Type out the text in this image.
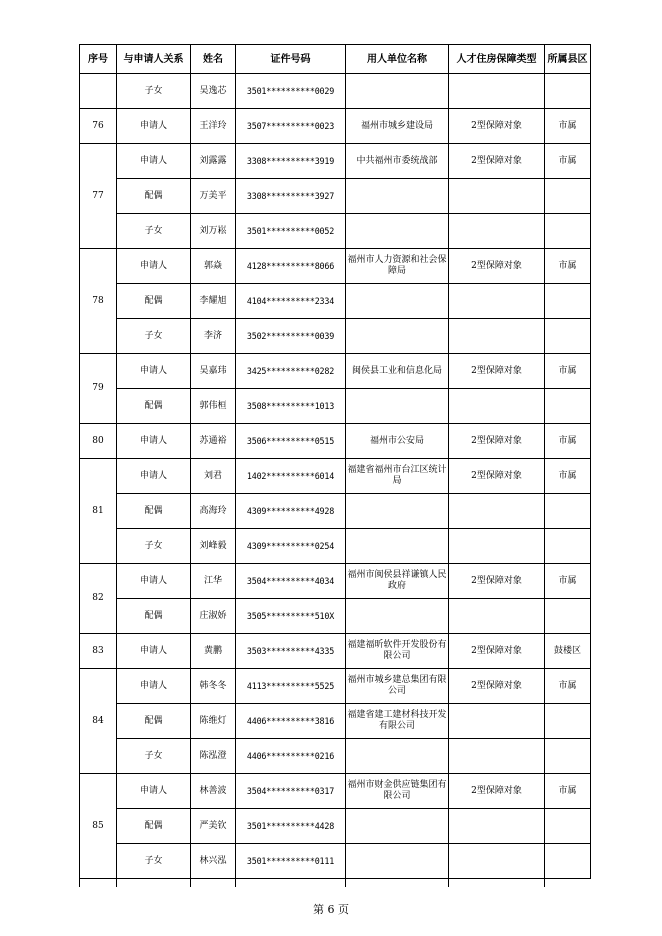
序号	与申请人关系	姓名	证件号码	用人单位名称	人才住房保障类型	所属县区
	子女	吴逸芯	3501**********0029			
76	申请人	王洋玲	3507**********0023	福州市城乡建设局	2型保障对象	市属
77	申请人	刘露露	3308**********3919	中共福州市委统战部	2型保障对象	市属
	配偶	万美平	3308**********3927			
	子女	刘万崧	3501**********0052			
78	申请人	郭焱	4128**********8066	福州市人力资源和社会保障局	2型保障对象	市属
	配偶	李耀旭	4104**********2334			
	子女	李济	3502**********0039			
79	申请人	吴嘉玮	3425**********0282	闽侯县工业和信息化局	2型保障对象	市属
	配偶	郭伟桓	3508**********1013			
80	申请人	苏通裕	3506**********0515	福州市公安局	2型保障对象	市属
81	申请人	刘君	1402**********6014	福建省福州市台江区统计局	2型保障对象	市属
	配偶	高海玲	4309**********4928			
	子女	刘峰毅	4309**********0254			
82	申请人	江华	3504**********4034	福州市闽侯县祥谦镇人民政府	2型保障对象	市属
	配偶	庄淑娇	3505**********510X			
83	申请人	黄鹏	3503**********4335	福建福昕软件开发股份有限公司	2型保障对象	鼓楼区
84	申请人	韩冬冬	4113**********5525	福州市城乡建总集团有限公司	2型保障对象	市属
	配偶	陈维灯	4406**********3816	福建省建工建材科技开发有限公司		
	子女	陈泓澄	4406**********0216			
85	申请人	林善波	3504**********0317	福州市财金供应链集团有限公司	2型保障对象	市属
	配偶	严美钦	3501**********4428			
	子女	林兴泓	3501**********0111			

第 6 页
